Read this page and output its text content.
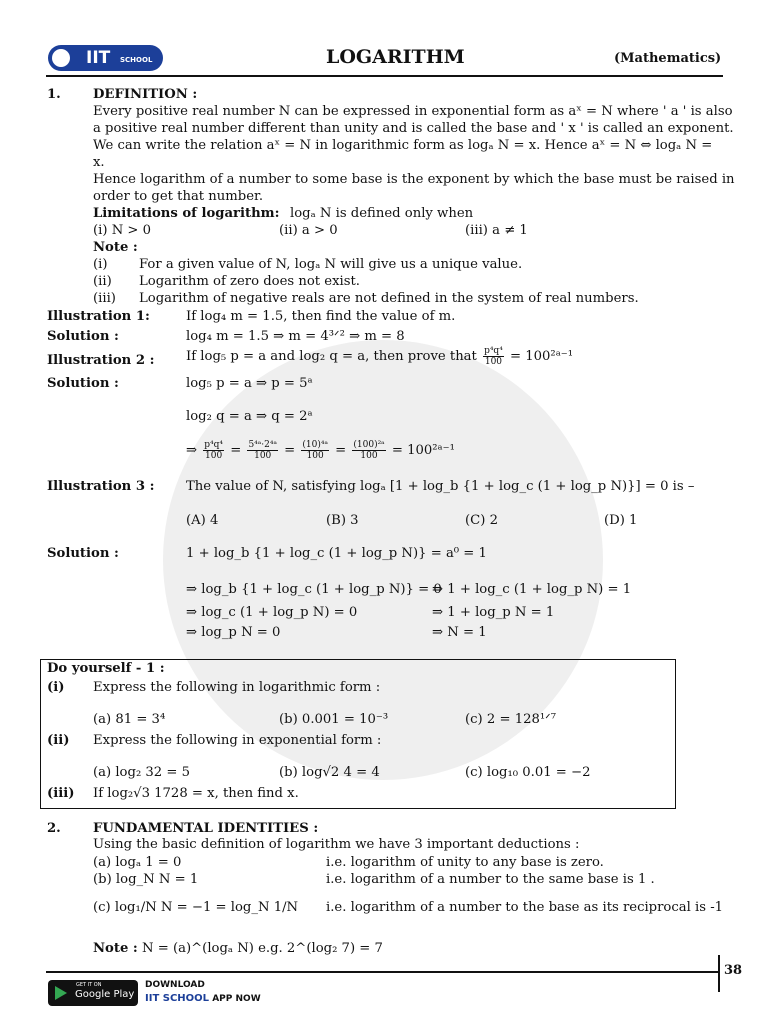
IIT SCHOOL	LOGARITHM	(Mathematics)
1. DEFINITION :
Every positive real number N can be expressed in exponential form as aˣ = N where ' a ' is also
a positive real number different than unity and is called the base and ' x ' is called an exponent.
We can write the relation aˣ = N in logarithmic form as logₐ N = x. Hence aˣ = N ⇔ logₐ N =
x.
Hence logarithm of a number to some base is the exponent by which the base must be raised in
order to get that number.
Limitations of logarithm: logₐ N is defined only when
(i) N > 0	(ii) a > 0	(iii) a ≠ 1
Note :
(i) For a given value of N, logₐ N will give us a unique value.
(ii) Logarithm of zero does not exist.
(iii) Logarithm of negative reals are not defined in the system of real numbers.
Illustration 1:	If log₄ m = 1.5, then find the value of m.
Solution :	log₄ m = 1.5 ⇒ m = 4³ᐟ² ⇒ m = 8
Illustration 2 : If log₅ p = a and log₂ q = a, then prove that $\frac{\text{p⁴q⁴}}{100}$ = 100²ᵃ⁻¹
Solution :	log₅ p = a ⇒ p = 5ᵃ
log₂ q = a ⇒ q = 2ᵃ
⇒ $\frac{\text{p⁴q⁴}}{100} = \frac{\text{5⁴ᵃ·2⁴ᵃ}}{100} = \frac{\text{(10)⁴ᵃ}}{100} = \frac{\text{(100)²ᵃ}}{100}$ = 100²ᵃ⁻¹
Illustration 3 : The value of N, satisfying logₐ [1 + log_b {1 + log_c (1 + log_p N)}] = 0 is –
(A) 4	(B) 3	(C) 2	(D) 1
Solution :	1 + log_b {1 + log_c (1 + log_p N)} = a⁰ = 1
⇒ log_b {1 + log_c (1 + log_p N)} = 0
⇒ 1 + log_c (1 + log_p N) = 1
⇒ log_c (1 + log_p N) = 0	⇒ 1 + log_p N = 1
⇒ log_p N = 0	⇒ N = 1
Do yourself - 1 :
(i) Express the following in logarithmic form :
(a) 81 = 3⁴	(b) 0.001 = 10⁻³	(c) 2 = 128¹ᐟ⁷
(ii) Express the following in exponential form :
(a) log₂ 32 = 5	(b) log√2 4 = 4	(c) log₁₀ 0.01 = −2
(iii) If log₂√3 1728 = x, then find x.
2. FUNDAMENTAL IDENTITIES :
Using the basic definition of logarithm we have 3 important deductions :
(a) logₐ 1 = 0	i.e. logarithm of unity to any base is zero.
(b) log_N N = 1	i.e. logarithm of a number to the same base is 1 .
(c) log₁/N N = −1 = log_N 1/N i.e. logarithm of a number to the base as its reciprocal is -1
Note : N = (a)^(logₐ N) e.g. 2^(log₂ 7) = 7
38
GET IT ON
Google Play
DOWNLOAD
IIT SCHOOL APP NOW
